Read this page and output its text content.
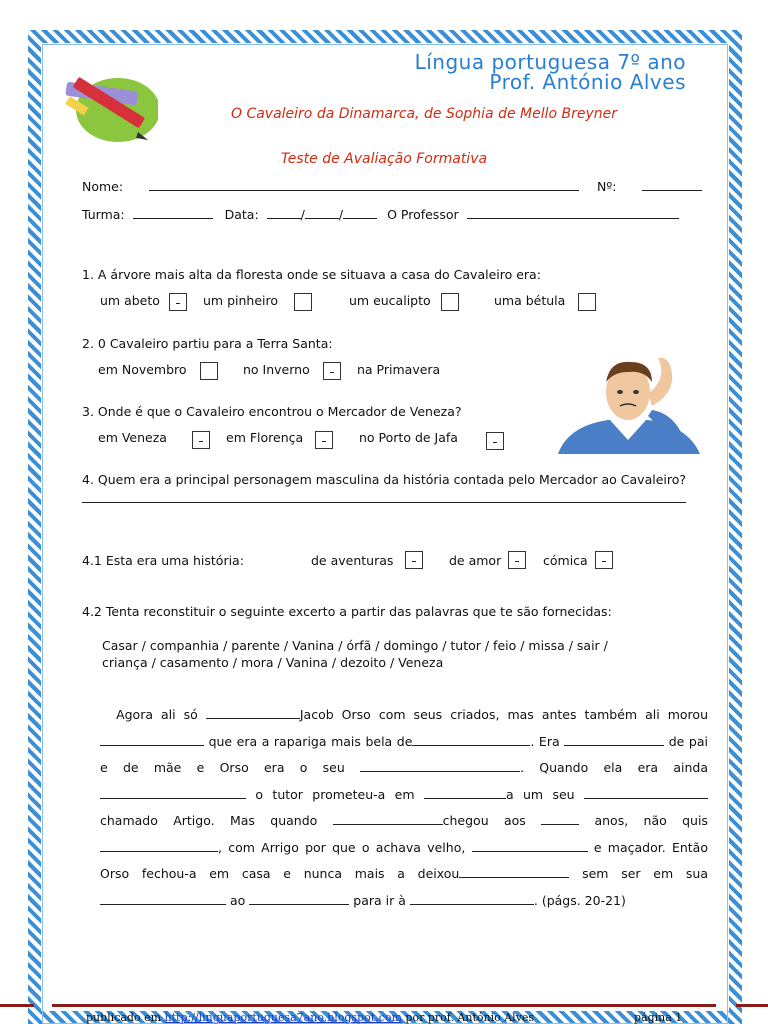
Língua portuguesa 7º ano
Prof. António Alves
O Cavaleiro da Dinamarca, de Sophia de Mello Breyner
Teste de Avaliação Formativa
Nome:	Nº:
Turma:	Data:	/	/	O Professor
1. A árvore mais alta da floresta onde se situava a casa do Cavaleiro era:
um abeto	um pinheiro	um eucalipto	uma bétula
2. 0 Cavaleiro partiu para a Terra Santa:
em Novembro	no Inverno	na Primavera
3. Onde é que o Cavaleiro encontrou o Mercador de Veneza?
em Veneza	em Florença	no Porto de Jafa
4. Quem era a principal personagem masculina da história contada pelo Mercador ao Cavaleiro?
4.1 Esta era uma história:	de aventuras	de amor	cómica
4.2 Tenta reconstituir o seguinte excerto a partir das palavras que te são fornecidas:
Casar / companhia / parente / Vanina / órfã / domingo / tutor / feio / missa / sair /
criança / casamento / mora / Vanina / dezoito / Veneza
Agora ali só	Jacob Orso com seus criados, mas antes também ali morou  que era a rapariga mais bela de	. Era	de pai e de mãe e Orso era o seu	. Quando ela era ainda  o tutor prometeu-a em	a um seu  chamado Artigo. Mas quando	chegou aos	anos, não quis , com Arrigo por que o achava velho,	e maçador. Então Orso fechou-a em casa e nunca mais a deixou	sem ser em sua  ao	para ir à	. (págs. 20-21)
publicado em http://linguaportuguesa7ano.blogspot.com por prof. António Alves	página 1
